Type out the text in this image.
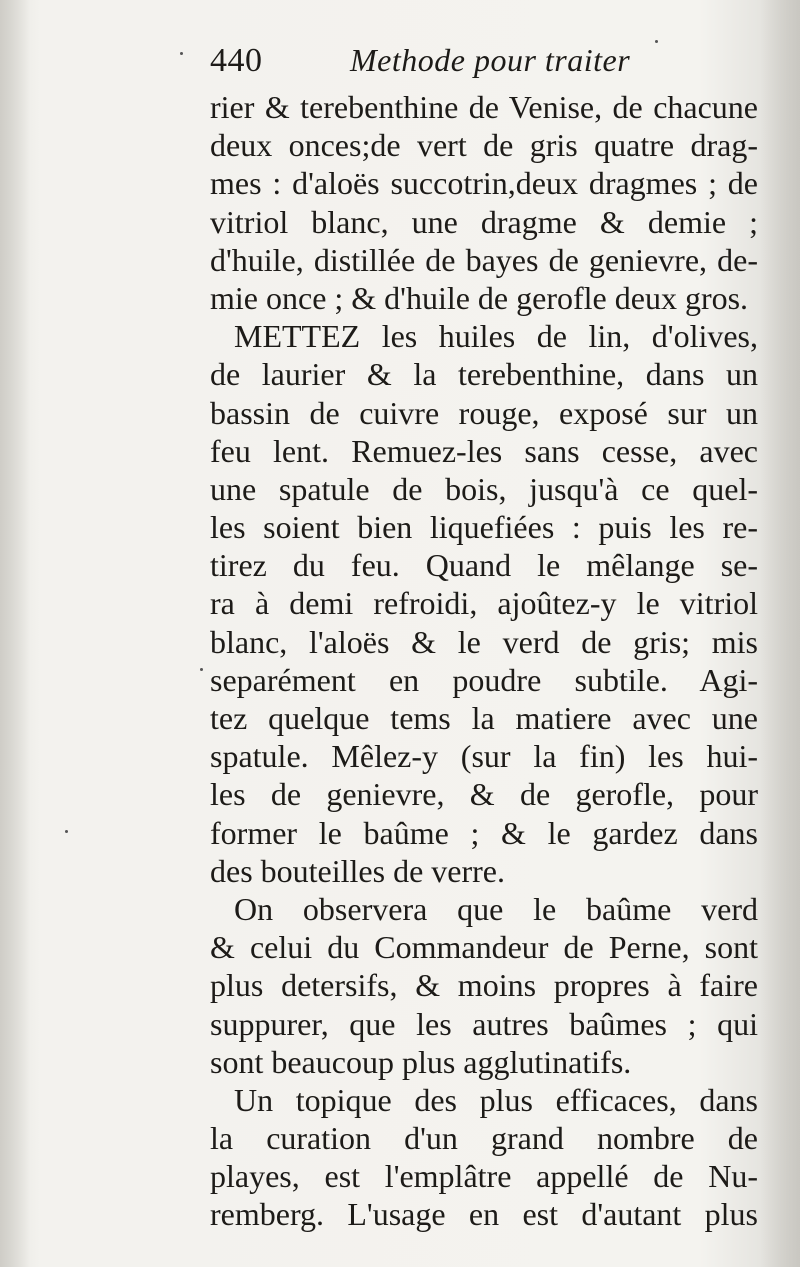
440	Methode pour traiter
rier & terebenthine de Venise, de chacune
deux onces;de vert de gris quatre drag-
mes : d'aloës succotrin,deux dragmes ; de
vitriol blanc, une dragme & demie ;
d'huile, distillée de bayes de genievre, de-
mie once ; & d'huile de gerofle deux gros.
METTEZ les huiles de lin, d'olives,
de laurier & la terebenthine, dans un
bassin de cuivre rouge, exposé sur un
feu lent. Remuez-les sans cesse, avec
une spatule de bois, jusqu'à ce quel-
les soient bien liquefiées : puis les re-
tirez du feu. Quand le mêlange se-
ra à demi refroidi, ajoûtez-y le vitriol
blanc, l'aloës & le verd de gris; mis
separément en poudre subtile. Agi-
tez quelque tems la matiere avec une
spatule. Mêlez-y (sur la fin) les hui-
les de genievre, & de gerofle, pour
former le baûme ; & le gardez dans
des bouteilles de verre.
On observera que le baûme verd
& celui du Commandeur de Perne, sont
plus detersifs, & moins propres à faire
suppurer, que les autres baûmes ; qui
sont beaucoup plus agglutinatifs.
Un topique des plus efficaces, dans
la curation d'un grand nombre de
playes, est l'emplâtre appellé de Nu-
remberg. L'usage en est d'autant plus
